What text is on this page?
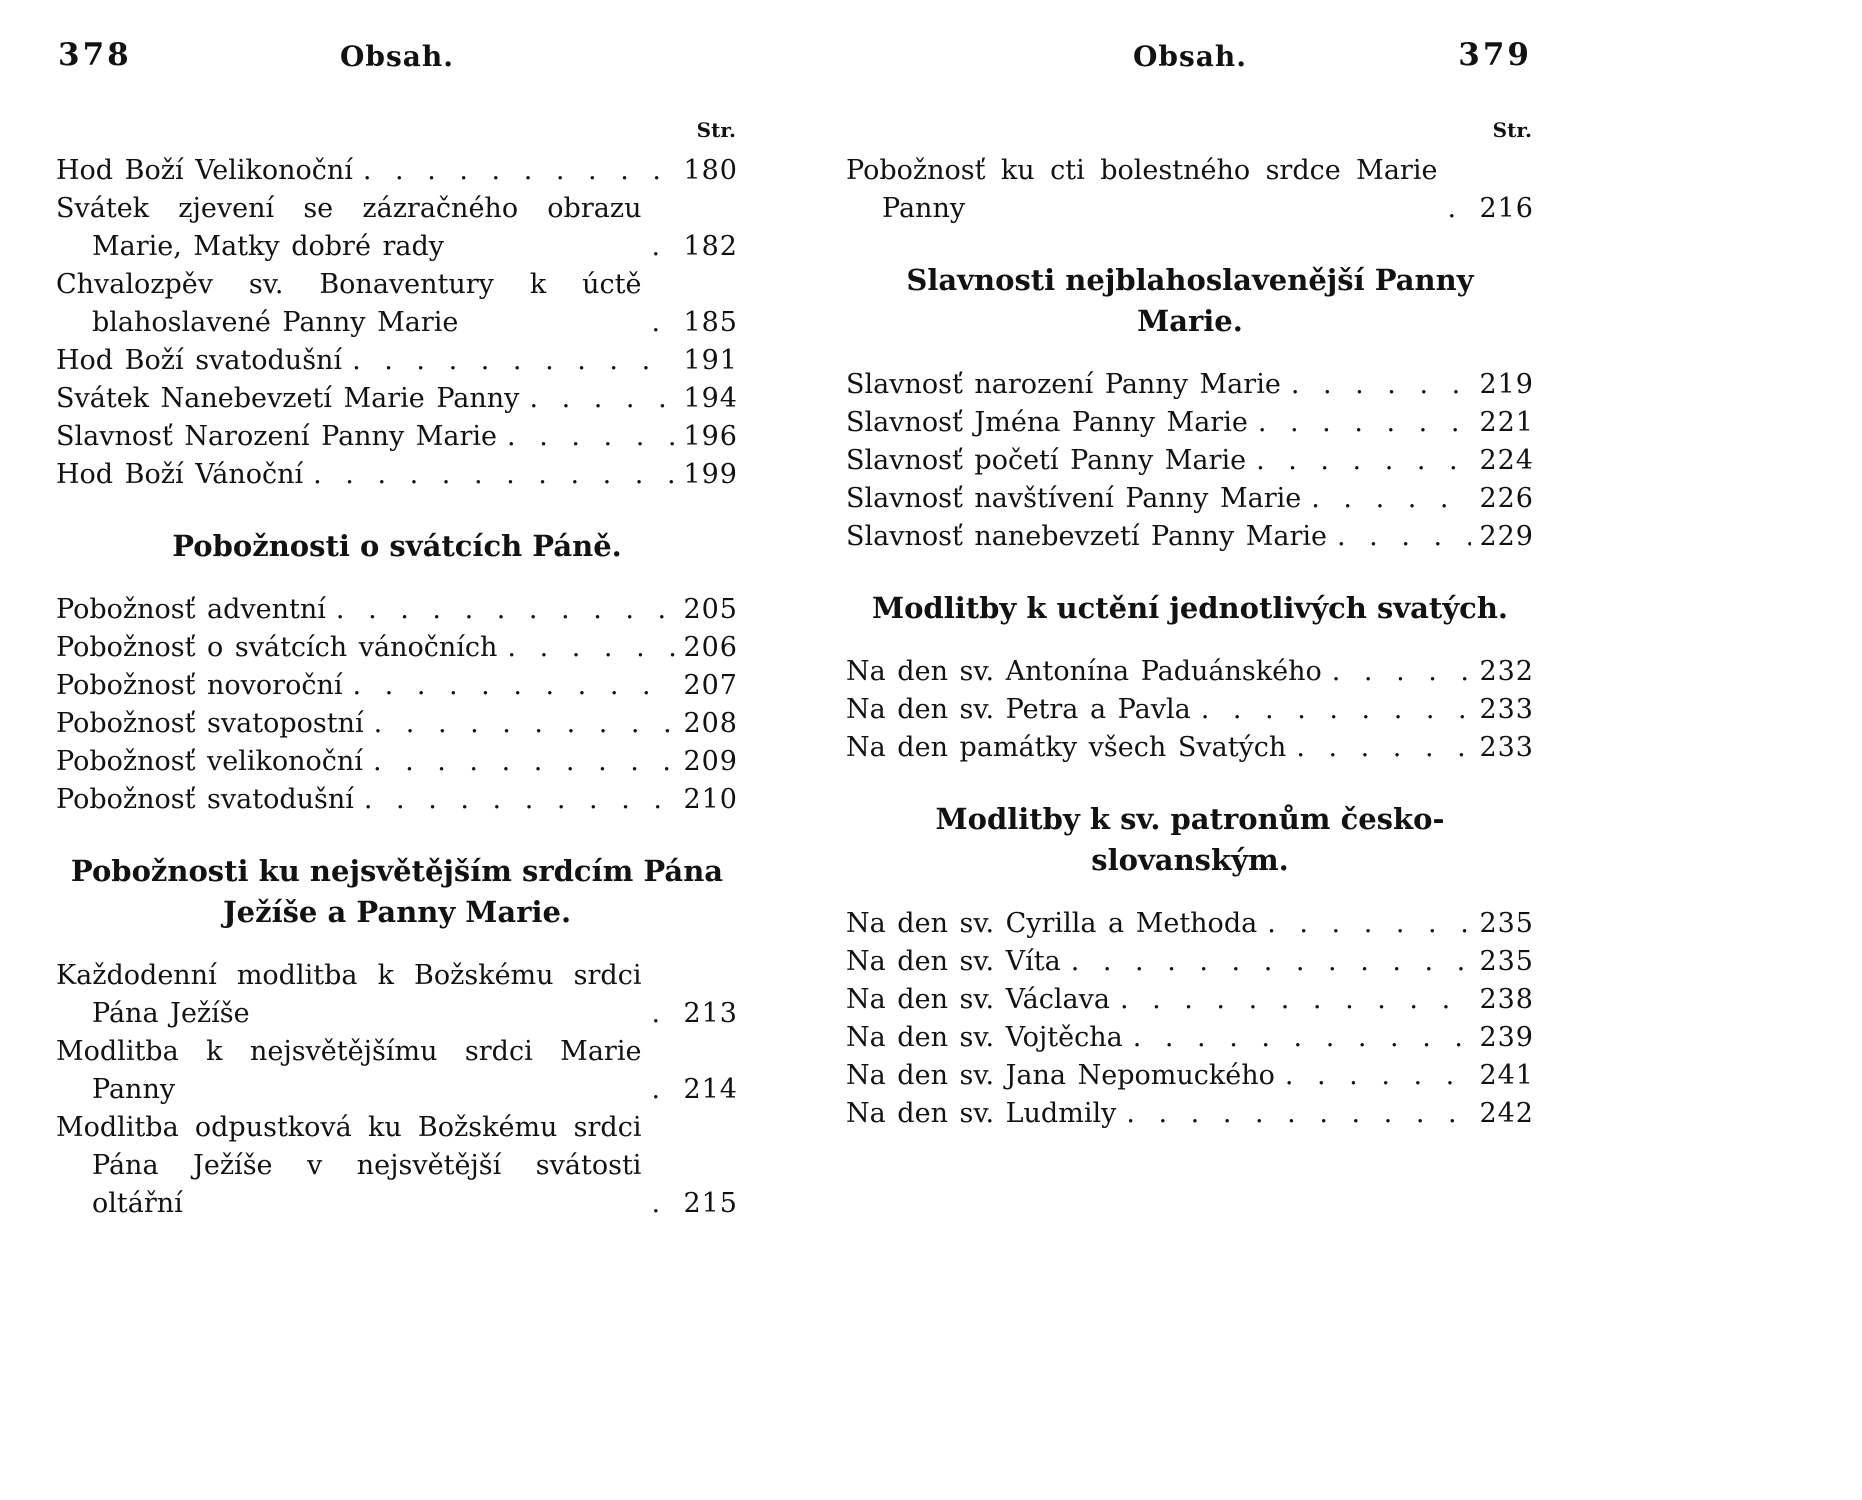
378	Obsah.
Str.
Hod Boží Velikonoční . . .	180
Svátek zjevení se zázračného obrazu Marie, Matky dobré rady . . .	182
Chvalozpěv sv. Bonaventury k úctě blahoslavené Panny Marie . . .	185
Hod Boží svatodušní . . .	191
Svátek Nanebevzetí Marie Panny . . .	194
Slavnosť Narození Panny Marie . . .	196
Hod Boží Vánoční . . .	199
Pobožnosti o svátcích Páně.
Pobožnosť adventní . . .	205
Pobožnosť o svátcích vánočních . . .	206
Pobožnosť novoroční . . .	207
Pobožnosť svatopostní . . .	208
Pobožnosť velikonoční . . .	209
Pobožnosť svatodušní . . .	210
Pobožnosti ku nejsvětějším srdcím Pána Ježíše a Panny Marie.
Každodenní modlitba k Božskému srdci Pána Ježíše . . .	213
Modlitba k nejsvětějšímu srdci Marie Panny . . .	214
Modlitba odpustková ku Božskému srdci Pána Ježíše v nejsvětější svátosti oltářní . . .	215
Obsah.	379
Str.
Pobožnosť ku cti bolestného srdce Marie Panny . . .	216
Slavnosti nejblahoslavenější Panny Marie.
Slavnosť narození Panny Marie . . .	219
Slavnosť Jména Panny Marie . . .	221
Slavnosť početí Panny Marie . . .	224
Slavnosť navštívení Panny Marie . . .	226
Slavnosť nanebevzetí Panny Marie . . .	229
Modlitby k uctění jednotlivých svatých.
Na den sv. Antonína Paduánského . . .	232
Na den sv. Petra a Pavla . . .	233
Na den památky všech Svatých . . .	233
Modlitby k sv. patronům česko-slovanským.
Na den sv. Cyrilla a Methoda . . .	235
Na den sv. Víta . . .	235
Na den sv. Václava . . .	238
Na den sv. Vojtěcha . . .	239
Na den sv. Jana Nepomuckého . . .	241
Na den sv. Ludmily . . .	242
